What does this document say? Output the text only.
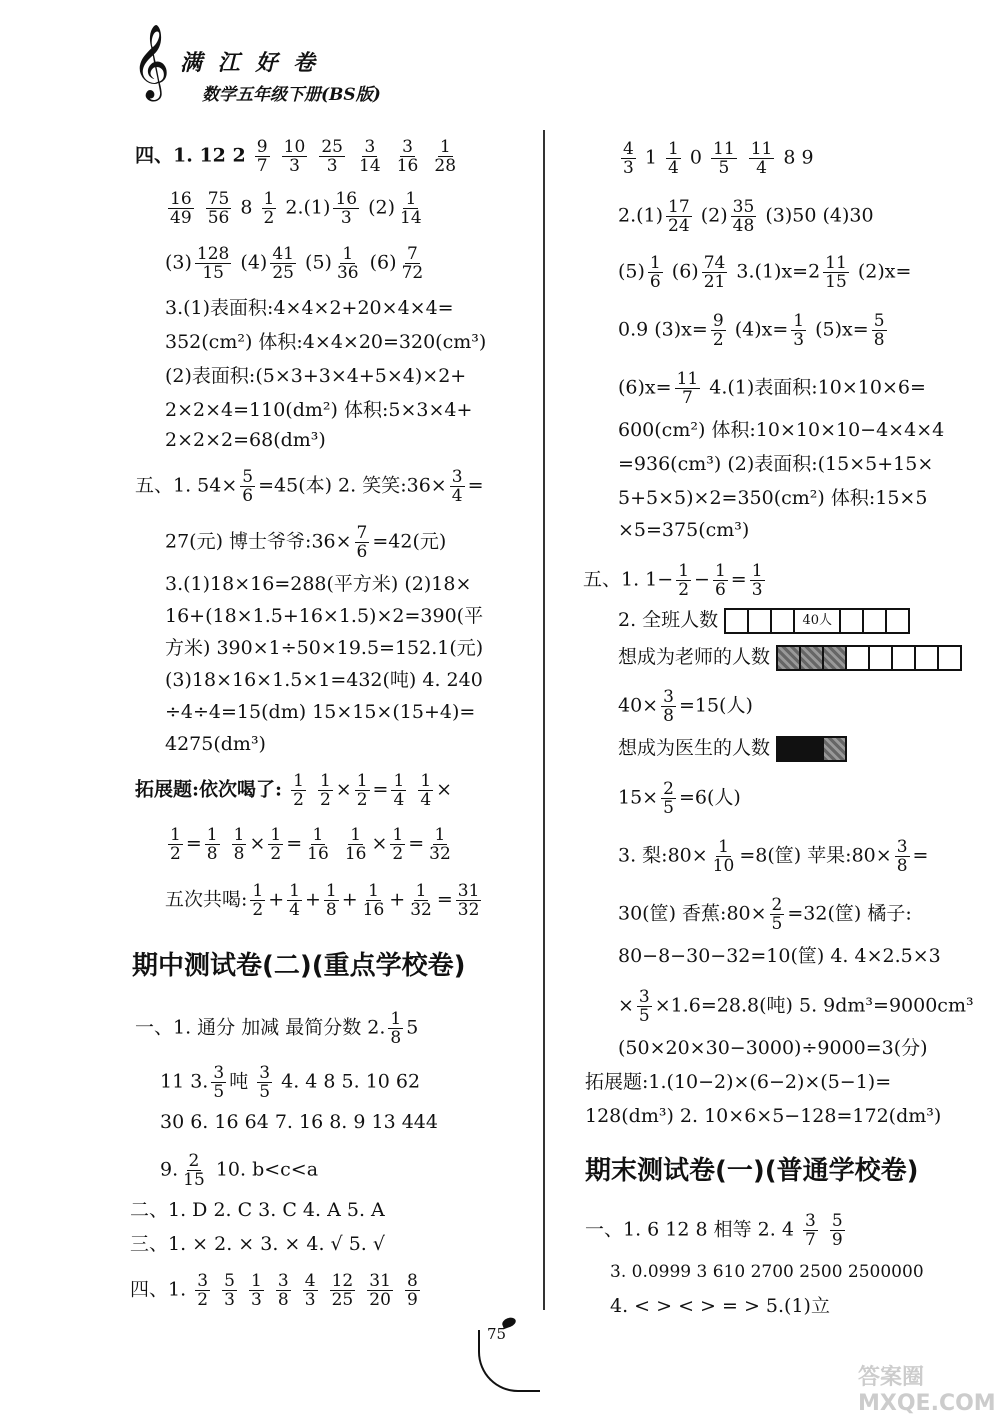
𝄞 满 江 好 卷
数学五年级下册(BS版)
四、1. 12 $2 \frac{9}{7}$
$\frac{10}{3}$
$\frac{25}{3}$
$\frac{3}{14}$
$\frac{3}{16}$
$\frac{1}{28}$
$\frac{16}{49}$
$\frac{75}{56} 8 \frac{1}{2} 2.(1) \frac{16}{3} (2) \frac{1}{14}$
$(3) \frac{128}{15} (4) \frac{41}{25} (5) \frac{1}{36} (6) \frac{7}{72}$
3.(1)表面积:4×4×2+20×4×4=
352(cm²) 体积:4×4×20=320(cm³)
(2)表面积:(5×3+3×4+5×4)×2+
2×2×4=110(dm²) 体积:5×3×4+
2×2×2=68(dm³)
五、1. $54\times \frac{5}{6} =45$(本) 2. 笑笑:36× $\frac{3}{4}$ =
27(元) 博士爷爷:36× $\frac{7}{6} =42$(元)
3.(1)18×16=288(平方米) (2)18×
16+(18×1.5+16×1.5)×2=390(平
方米) 390×1÷50×19.5=152.1(元)
(3)18×16×1.5×1=432(吨) 4. 240
÷4÷4=15(dm) 15×15×(15+4)=
4275(dm³)
拓展题:依次喝了: $\frac{1}{2}$
$\frac{1}{2} \times \frac{1}{2} = \frac{1}{4}$
$\frac{1}{4}$ ×
$\frac{1}{2} = \frac{1}{8}$
$\frac{1}{8} \times \frac{1}{2} = \frac{1}{16}$
$\frac{1}{16} \times \frac{1}{2} = \frac{1}{32}$
五次共喝: $\frac{1}{2} + \frac{1}{4} + \frac{1}{8} + \frac{1}{16} + \frac{1}{32} = \frac{31}{32}$
期中测试卷(二)(重点学校卷)
一、1. 通分 加减 最简分数 2. $\frac{1}{8} 5$
11 3. $\frac{3}{5}$ 吨 $\frac{3}{5} 4$. 4 8 5. 10 62
30 6. 16 64 7. 16 8. 9 13 444
9. $\frac{2}{15} 10$. b<c<a
二、1. D 2. C 3. C 4. A 5. A
三、1. × 2. × 3. × 4. √ 5. √
四、1. $\frac{3}{2}$
$\frac{5}{3}$
$\frac{1}{3}$
$\frac{3}{8}$
$\frac{4}{3}$
$\frac{12}{25}$
$\frac{31}{20}$
$\frac{8}{9}$
$\frac{4}{3} 1 \frac{1}{4} 0 \frac{11}{5}$
$\frac{11}{4} 8$ 9
$2.(1) \frac{17}{24} (2) \frac{35}{48} (3)50$ (4)30
$(5) \frac{1}{6} (6) \frac{74}{21} 3.(1)x=2 \frac{11}{15} (2)x=$
0.9 $(3)x= \frac{9}{2} (4)x= \frac{1}{3} (5)x= \frac{5}{8}$
$(6)x= \frac{11}{7} 4.(1)$表面积:10×10×6=
600(cm²) 体积:10×10×10−4×4×4
=936(cm³) (2)表面积:(15×5+15×
5+5×5)×2=350(cm²) 体积:15×5
×5=375(cm³)
五、1. $1- \frac{1}{2} - \frac{1}{6} = \frac{1}{3}$
2. 全班人数	40人
想成为老师的人数
$40\times \frac{3}{8} =15$(人)
想成为医生的人数
$15\times \frac{2}{5} =6$(人)
3. 梨:80× $\frac{1}{10} =8$(筐) 苹果:80× $\frac{3}{8}$ =
30(筐) 香蕉:80× $\frac{2}{5} =32$(筐) 橘子:
80−8−30−32=10(筐) 4. 4×2.5×3
× $\frac{3}{5} \times 1.6=28.8$(吨) 5. 9dm³=9000cm³
(50×20×30−3000)÷9000=3(分)
拓展题:1.(10−2)×(6−2)×(5−1)=
128(dm³) 2. 10×6×5−128=172(dm³)
期末测试卷(一)(普通学校卷)
一、1. 6 12 8 相等 2. $4 \frac{3}{7}$
$\frac{5}{9}$
3. 0.0999 3 610 2700 2500 2500000
4. < > < > = > 5.(1)立
75
答案圈 MXQE.COM
